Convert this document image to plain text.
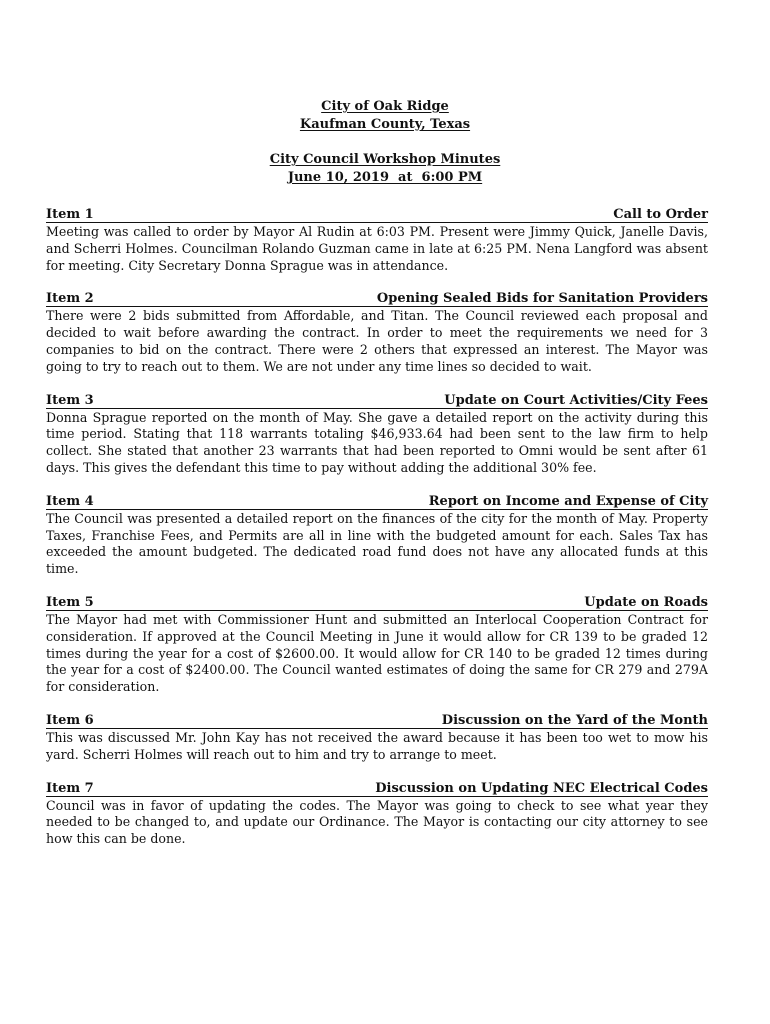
City of Oak Ridge
Kaufman County, Texas
City Council Workshop Minutes
June 10, 2019  at  6:00 PM
Item 1	Call to Order
Meeting was called to order by Mayor Al Rudin at 6:03 PM. Present were Jimmy Quick, Janelle Davis, and Scherri Holmes. Councilman Rolando Guzman came in late at 6:25 PM. Nena Langford was absent for meeting. City Secretary Donna Sprague was in attendance.
Item 2	Opening Sealed Bids for Sanitation Providers
There were 2 bids submitted from Affordable, and Titan. The Council reviewed each proposal and decided to wait before awarding the contract. In order to meet the requirements we need for 3 companies to bid on the contract. There were 2 others that expressed an interest. The Mayor was going to try to reach out to them. We are not under any time lines so decided to wait.
Item 3	Update on Court Activities/City Fees
Donna Sprague reported on the month of May. She gave a detailed report on the activity during this time period. Stating that 118 warrants totaling $46,933.64 had been sent to the law firm to help collect. She stated that another 23 warrants that had been reported to Omni would be sent after 61 days. This gives the defendant this time to pay without adding the additional 30% fee.
Item 4	Report on Income and Expense of City
The Council was presented a detailed report on the finances of the city for the month of May. Property Taxes, Franchise Fees, and Permits are all in line with the budgeted amount for each. Sales Tax has exceeded the amount budgeted. The dedicated road fund does not have any allocated funds at this time.
Item 5	Update on Roads
The Mayor had met with Commissioner Hunt and submitted an Interlocal Cooperation Contract for consideration. If approved at the Council Meeting in June it would allow for CR 139 to be graded 12 times during the year for a cost of $2600.00. It would allow for CR 140 to be graded 12 times during the year for a cost of $2400.00. The Council wanted estimates of doing the same for CR 279 and 279A for consideration.
Item 6	Discussion on the Yard of the Month
This was discussed Mr. John Kay has not received the award because it has been too wet to mow his yard. Scherri Holmes will reach out to him and try to arrange to meet.
Item 7	Discussion on Updating NEC Electrical Codes
Council was in favor of updating the codes. The Mayor was going to check to see what year they needed to be changed to, and update our Ordinance. The Mayor is contacting our city attorney to see how this can be done.
